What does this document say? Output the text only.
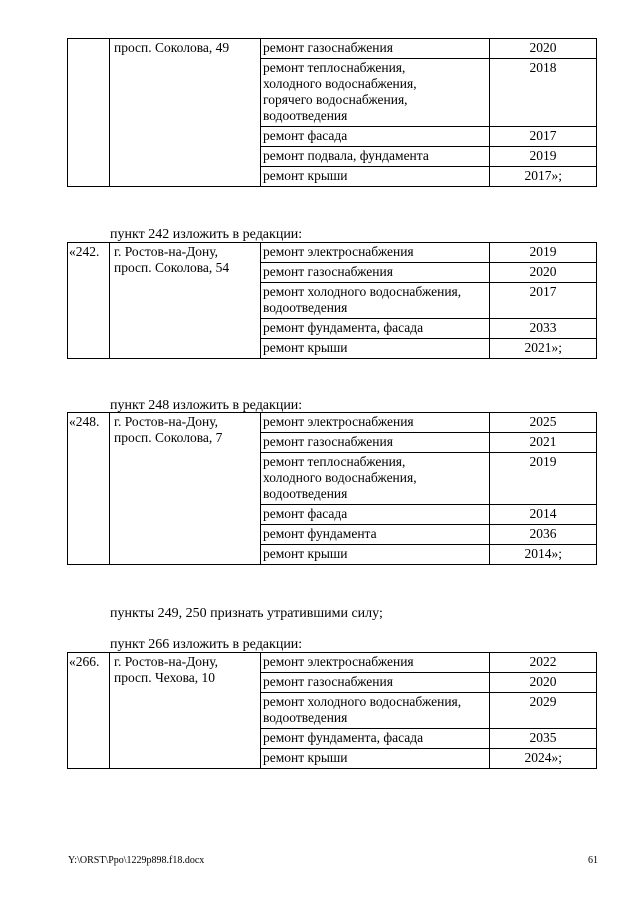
	просп. Соколова, 49	ремонт газоснабжения	2020
		ремонт теплоснабжения,
холодного водоснабжения,
горячего водоснабжения,
водоотведения	2018
		ремонт фасада	2017
		ремонт подвала, фундамента	2019
		ремонт крыши	2017»;
пункт 242 изложить в редакции:
«242.	г. Ростов-на-Дону,
просп. Соколова, 54	ремонт электроснабжения	2019
		ремонт газоснабжения	2020
		ремонт холодного водоснабжения,
водоотведения	2017
		ремонт фундамента, фасада	2033
		ремонт крыши	2021»;
пункт 248 изложить в редакции:
«248.	г. Ростов-на-Дону,
просп. Соколова, 7	ремонт электроснабжения	2025
		ремонт газоснабжения	2021
		ремонт теплоснабжения,
холодного водоснабжения,
водоотведения	2019
		ремонт фасада	2014
		ремонт фундамента	2036
		ремонт крыши	2014»;
пункты 249, 250 признать утратившими силу;
пункт 266 изложить в редакции:
«266.	г. Ростов-на-Дону,
просп. Чехова, 10	ремонт электроснабжения	2022
		ремонт газоснабжения	2020
		ремонт холодного водоснабжения,
водоотведения	2029
		ремонт фундамента, фасада	2035
		ремонт крыши	2024»;
Y:\ORST\Ppo\1229p898.f18.docx	61
